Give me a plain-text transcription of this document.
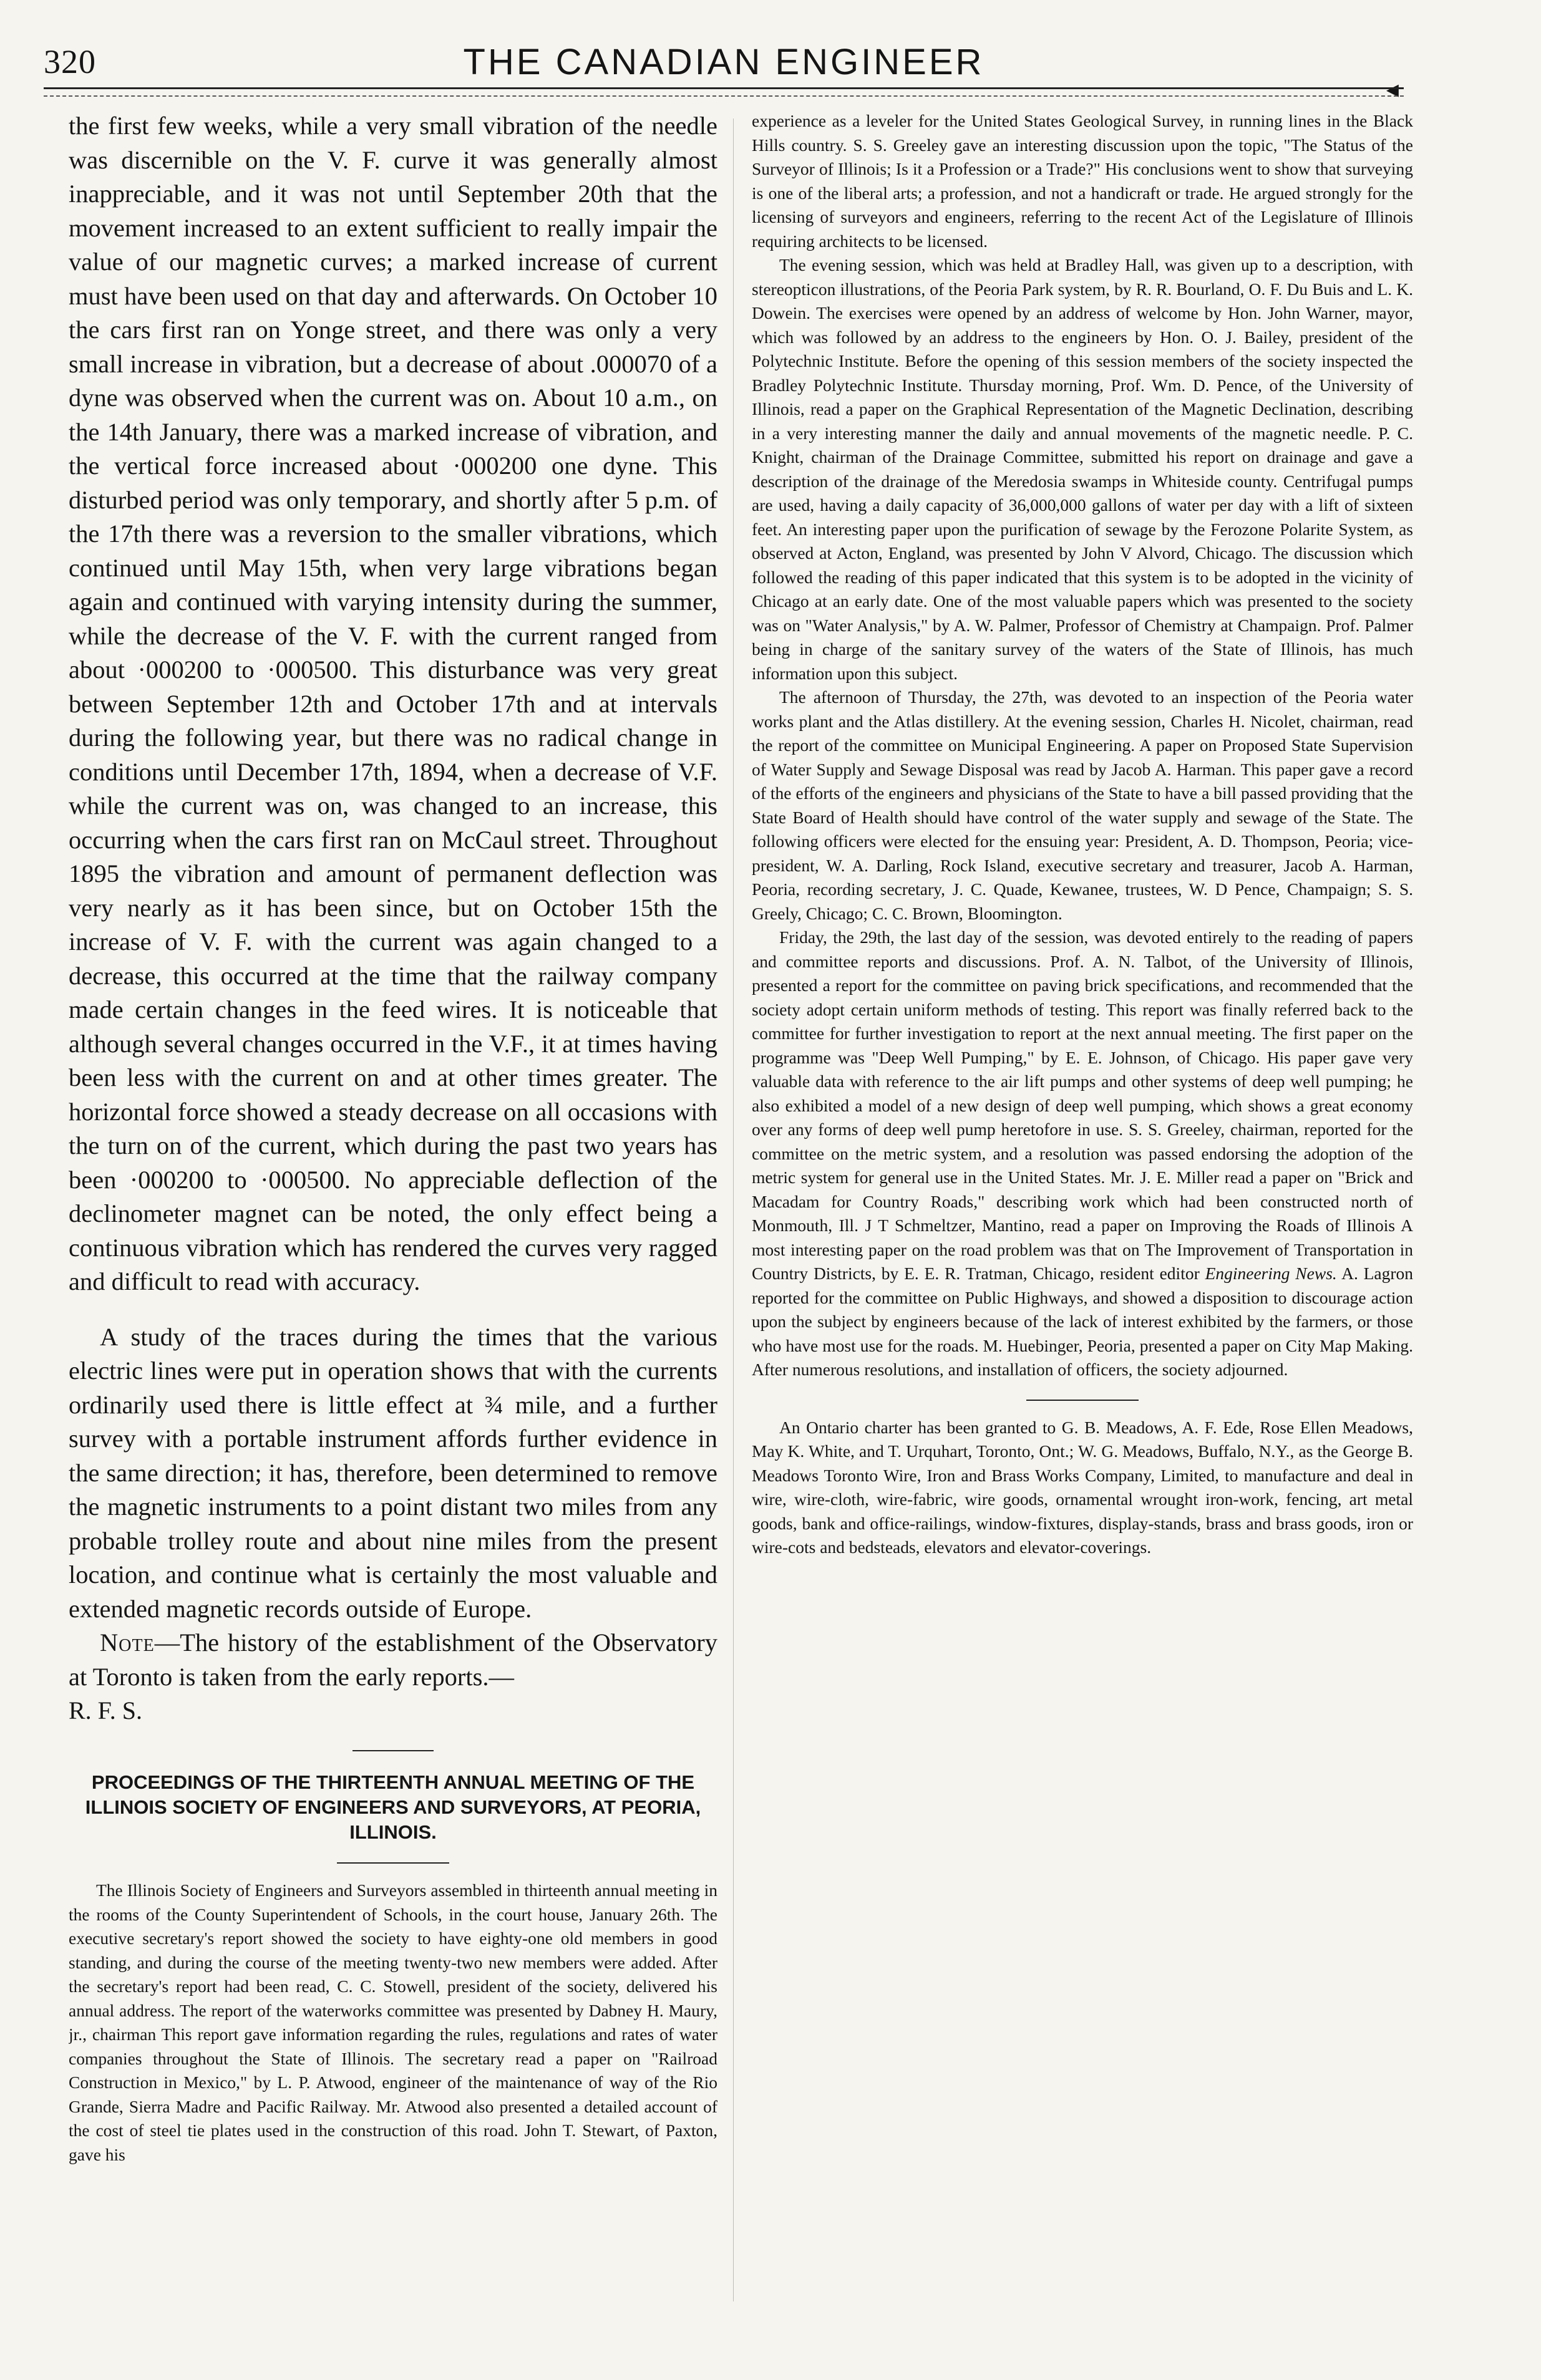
320	THE CANADIAN ENGINEER
◂

the first few weeks, while a very small vibration of the needle was discernible on the V. F. curve it was generally almost inappreciable, and it was not until September 20th that the movement increased to an extent sufficient to really impair the value of our magnetic curves; a marked increase of current must have been used on that day and afterwards. On October 10 the cars first ran on Yonge street, and there was only a very small increase in vibration, but a decrease of about .000070 of a dyne was observed when the current was on. About 10 a.m., on the 14th January, there was a marked increase of vibration, and the vertical force increased about ·000200 one dyne. This disturbed period was only temporary, and shortly after 5 p.m. of the 17th there was a reversion to the smaller vibrations, which continued until May 15th, when very large vibrations began again and continued with varying intensity during the summer, while the decrease of the V. F. with the current ranged from about ·000200 to ·000500. This disturbance was very great between September 12th and October 17th and at intervals during the following year, but there was no radical change in conditions until December 17th, 1894, when a decrease of V.F. while the current was on, was changed to an increase, this occurring when the cars first ran on McCaul street. Throughout 1895 the vibration and amount of permanent deflection was very nearly as it has been since, but on October 15th the increase of V. F. with the current was again changed to a decrease, this occurred at the time that the railway company made certain changes in the feed wires. It is noticeable that although several changes occurred in the V.F., it at times having been less with the current on and at other times greater. The horizontal force showed a steady decrease on all occasions with the turn on of the current, which during the past two years has been ·000200 to ·000500. No appreciable deflection of the declinometer magnet can be noted, the only effect being a continuous vibration which has rendered the curves very ragged and difficult to read with accuracy.

A study of the traces during the times that the various electric lines were put in operation shows that with the currents ordinarily used there is little effect at ¾ mile, and a further survey with a portable instrument affords further evidence in the same direction; it has, therefore, been determined to remove the magnetic instruments to a point distant two miles from any probable trolley route and about nine miles from the present location, and continue what is certainly the most valuable and extended magnetic records outside of Europe.

Note—The history of the establishment of the Observatory at Toronto is taken from the early reports.—

R. F. S.
PROCEEDINGS OF THE THIRTEENTH ANNUAL MEETING OF THE ILLINOIS SOCIETY OF ENGINEERS AND SURVEYORS, AT PEORIA, ILLINOIS.

The Illinois Society of Engineers and Surveyors assembled in thirteenth annual meeting in the rooms of the County Superintendent of Schools, in the court house, January 26th. The executive secretary's report showed the society to have eighty-one old members in good standing, and during the course of the meeting twenty-two new members were added. After the secretary's report had been read, C. C. Stowell, president of the society, delivered his annual address. The report of the waterworks committee was presented by Dabney H. Maury, jr., chairman This report gave information regarding the rules, regulations and rates of water companies throughout the State of Illinois. The secretary read a paper on "Railroad Construction in Mexico," by L. P. Atwood, engineer of the maintenance of way of the Rio Grande, Sierra Madre and Pacific Railway. Mr. Atwood also presented a detailed account of the cost of steel tie plates used in the construction of this road. John T. Stewart, of Paxton, gave his

experience as a leveler for the United States Geological Survey, in running lines in the Black Hills country. S. S. Greeley gave an interesting discussion upon the topic, "The Status of the Surveyor of Illinois; Is it a Profession or a Trade?" His conclusions went to show that surveying is one of the liberal arts; a profession, and not a handicraft or trade. He argued strongly for the licensing of surveyors and engineers, referring to the recent Act of the Legislature of Illinois requiring architects to be licensed.

The evening session, which was held at Bradley Hall, was given up to a description, with stereopticon illustrations, of the Peoria Park system, by R. R. Bourland, O. F. Du Buis and L. K. Dowein. The exercises were opened by an address of welcome by Hon. John Warner, mayor, which was followed by an address to the engineers by Hon. O. J. Bailey, president of the Polytechnic Institute. Before the opening of this session members of the society inspected the Bradley Polytechnic Institute. Thursday morning, Prof. Wm. D. Pence, of the University of Illinois, read a paper on the Graphical Representation of the Magnetic Declination, describing in a very interesting manner the daily and annual movements of the magnetic needle. P. C. Knight, chairman of the Drainage Committee, submitted his report on drainage and gave a description of the drainage of the Meredosia swamps in Whiteside county. Centrifugal pumps are used, having a daily capacity of 36,000,000 gallons of water per day with a lift of sixteen feet. An interesting paper upon the purification of sewage by the Ferozone Polarite System, as observed at Acton, England, was presented by John V Alvord, Chicago. The discussion which followed the reading of this paper indicated that this system is to be adopted in the vicinity of Chicago at an early date. One of the most valuable papers which was presented to the society was on "Water Analysis," by A. W. Palmer, Professor of Chemistry at Champaign. Prof. Palmer being in charge of the sanitary survey of the waters of the State of Illinois, has much information upon this subject.

The afternoon of Thursday, the 27th, was devoted to an inspection of the Peoria water works plant and the Atlas distillery. At the evening session, Charles H. Nicolet, chairman, read the report of the committee on Municipal Engineering. A paper on Proposed State Supervision of Water Supply and Sewage Disposal was read by Jacob A. Harman. This paper gave a record of the efforts of the engineers and physicians of the State to have a bill passed providing that the State Board of Health should have control of the water supply and sewage of the State. The following officers were elected for the ensuing year: President, A. D. Thompson, Peoria; vice-president, W. A. Darling, Rock Island, executive secretary and treasurer, Jacob A. Harman, Peoria, recording secretary, J. C. Quade, Kewanee, trustees, W. D Pence, Champaign; S. S. Greely, Chicago; C. C. Brown, Bloomington.

Friday, the 29th, the last day of the session, was devoted entirely to the reading of papers and committee reports and discussions. Prof. A. N. Talbot, of the University of Illinois, presented a report for the committee on paving brick specifications, and recommended that the society adopt certain uniform methods of testing. This report was finally referred back to the committee for further investigation to report at the next annual meeting. The first paper on the programme was "Deep Well Pumping," by E. E. Johnson, of Chicago. His paper gave very valuable data with reference to the air lift pumps and other systems of deep well pumping; he also exhibited a model of a new design of deep well pumping, which shows a great economy over any forms of deep well pump heretofore in use. S. S. Greeley, chairman, reported for the committee on the metric system, and a resolution was passed endorsing the adoption of the metric system for general use in the United States. Mr. J. E. Miller read a paper on "Brick and Macadam for Country Roads," describing work which had been constructed north of Monmouth, Ill. J T Schmeltzer, Mantino, read a paper on Improving the Roads of Illinois A most interesting paper on the road problem was that on The Improvement of Transportation in Country Districts, by E. E. R. Tratman, Chicago, resident editor Engineering News. A. Lagron reported for the committee on Public Highways, and showed a disposition to discourage action upon the subject by engineers because of the lack of interest exhibited by the farmers, or those who have most use for the roads. M. Huebinger, Peoria, presented a paper on City Map Making. After numerous resolutions, and installation of officers, the society adjourned.

An Ontario charter has been granted to G. B. Meadows, A. F. Ede, Rose Ellen Meadows, May K. White, and T. Urquhart, Toronto, Ont.; W. G. Meadows, Buffalo, N.Y., as the George B. Meadows Toronto Wire, Iron and Brass Works Company, Limited, to manufacture and deal in wire, wire-cloth, wire-fabric, wire goods, ornamental wrought iron-work, fencing, art metal goods, bank and office-railings, window-fixtures, display-stands, brass and brass goods, iron or wire-cots and bedsteads, elevators and elevator-coverings.
